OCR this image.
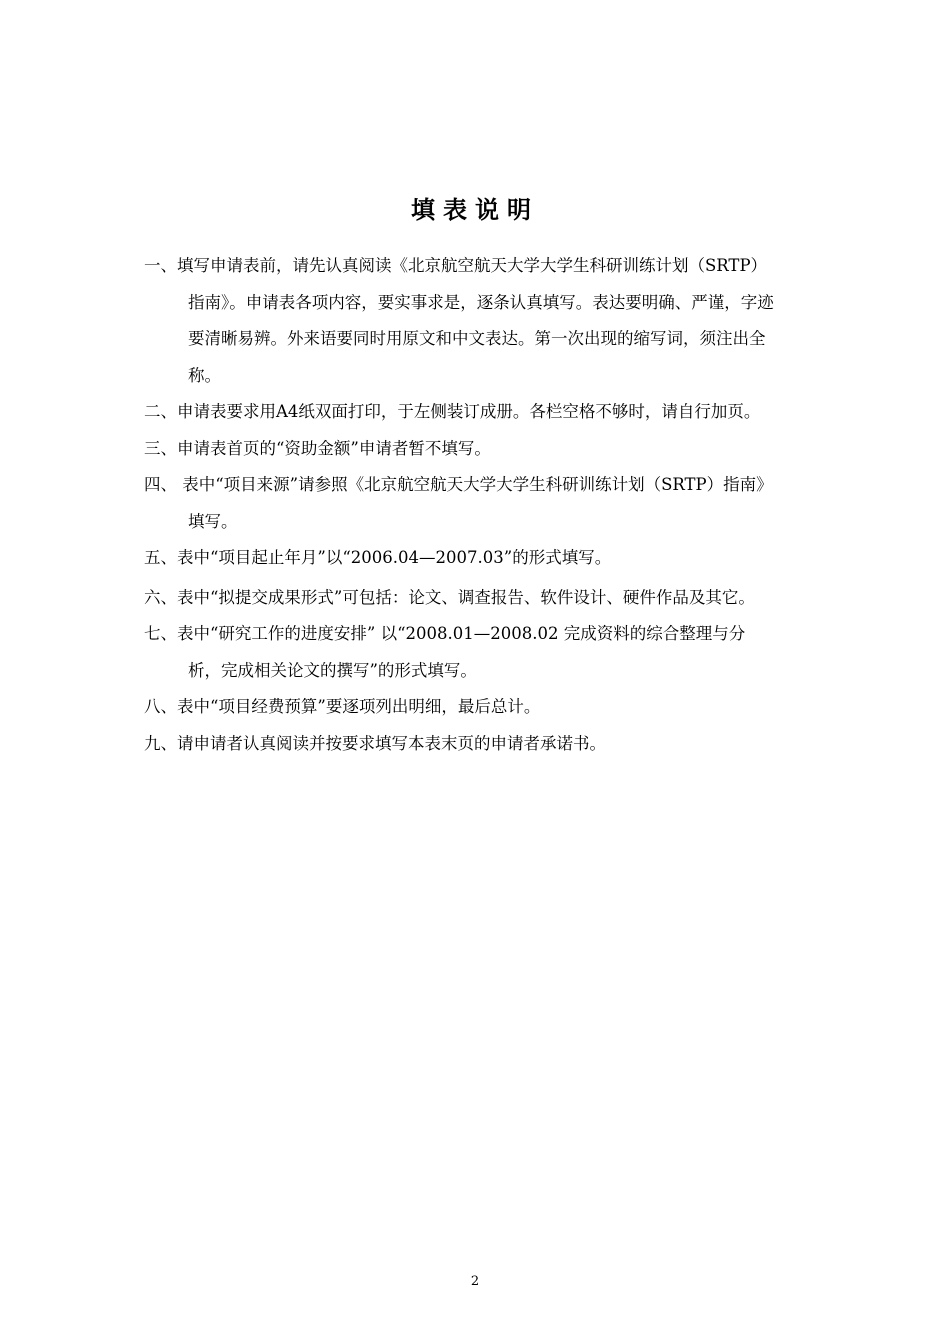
填表说明
一、填写申请表前，请先认真阅读《北京航空航天大学大学生科研训练计划（SRTP）指南》。申请表各项内容，要实事求是，逐条认真填写。表达要明确、严谨，字迹要清晰易辨。外来语要同时用原文和中文表达。第一次出现的缩写词，须注出全称。
二、申请表要求用A4纸双面打印，于左侧装订成册。各栏空格不够时，请自行加页。
三、申请表首页的“资助金额”申请者暂不填写。
四、 表中“项目来源”请参照《北京航空航天大学大学生科研训练计划（SRTP）指南》填写。
五、表中“项目起止年月”以“2006.04—2007.03”的形式填写。
六、表中“拟提交成果形式”可包括：论文、调查报告、软件设计、硬件作品及其它。
七、表中“研究工作的进度安排” 以“2008.01—2008.02 完成资料的综合整理与分析，完成相关论文的撰写”的形式填写。
八、表中“项目经费预算”要逐项列出明细，最后总计。
九、请申请者认真阅读并按要求填写本表末页的申请者承诺书。
2
